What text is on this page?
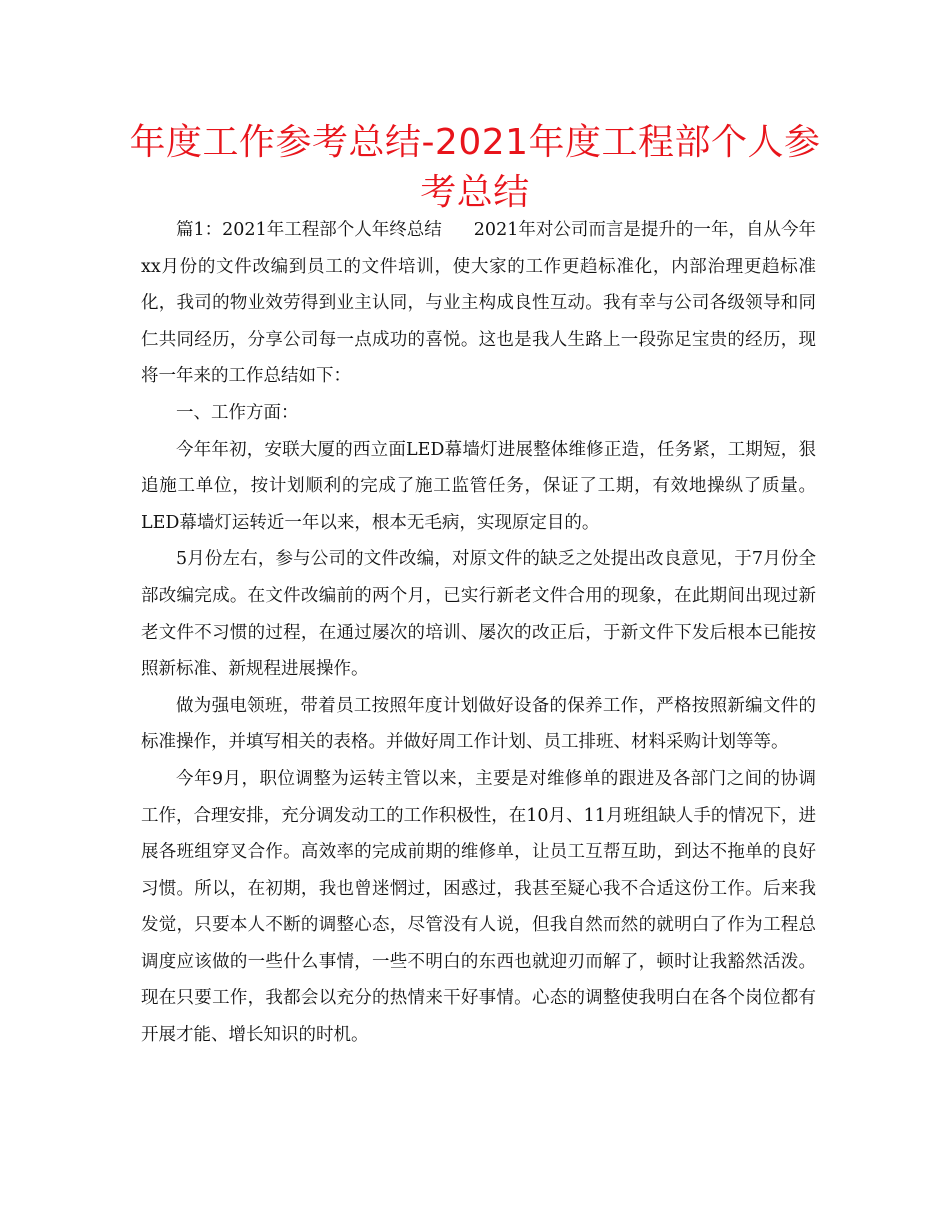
年度工作参考总结-2021年度工程部个人参考总结

篇1：2021年工程部个人年终总结 2021年对公司而言是提升的一年，自从今年xx月份的文件改编到员工的文件培训，使大家的工作更趋标准化，内部治理更趋标准化，我司的物业效劳得到业主认同，与业主构成良性互动。我有幸与公司各级领导和同仁共同经历，分享公司每一点成功的喜悦。这也是我人生路上一段弥足宝贵的经历，现将一年来的工作总结如下：

一、工作方面：

今年年初，安联大厦的西立面LED幕墙灯进展整体维修正造，任务紧，工期短，狠追施工单位，按计划顺利的完成了施工监管任务，保证了工期，有效地操纵了质量。LED幕墙灯运转近一年以来，根本无毛病，实现原定目的。

5月份左右，参与公司的文件改编，对原文件的缺乏之处提出改良意见，于7月份全部改编完成。在文件改编前的两个月，已实行新老文件合用的现象，在此期间出现过新老文件不习惯的过程，在通过屡次的培训、屡次的改正后，于新文件下发后根本已能按照新标准、新规程进展操作。

做为强电领班，带着员工按照年度计划做好设备的保养工作，严格按照新编文件的标准操作，并填写相关的表格。并做好周工作计划、员工排班、材料采购计划等等。

今年9月，职位调整为运转主管以来，主要是对维修单的跟进及各部门之间的协调工作，合理安排，充分调发动工的工作积极性，在10月、11月班组缺人手的情况下，进展各班组穿叉合作。高效率的完成前期的维修单，让员工互帮互助，到达不拖单的良好习惯。所以，在初期，我也曾迷惘过，困惑过，我甚至疑心我不合适这份工作。后来我发觉，只要本人不断的调整心态，尽管没有人说，但我自然而然的就明白了作为工程总调度应该做的一些什么事情，一些不明白的东西也就迎刃而解了，顿时让我豁然活泼。现在只要工作，我都会以充分的热情来干好事情。心态的调整使我明白在各个岗位都有开展才能、增长知识的时机。
